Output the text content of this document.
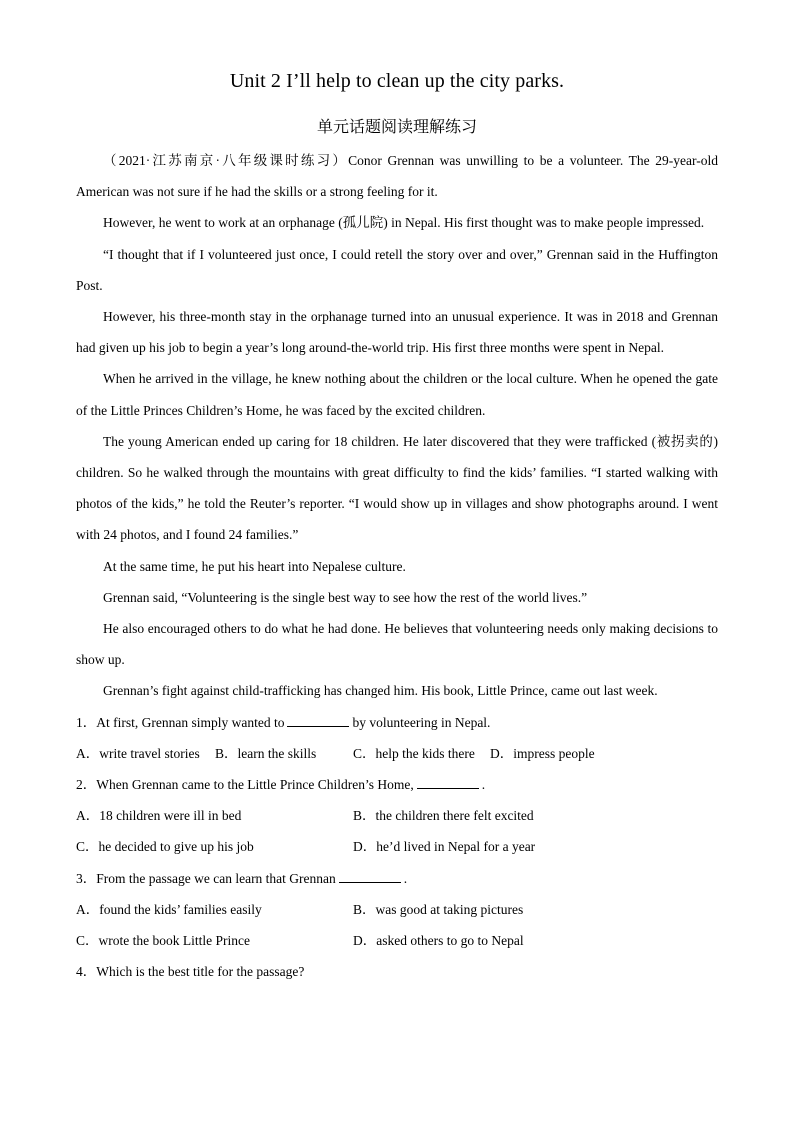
Unit 2 I’ll help to clean up the city parks.
单元话题阅读理解练习

（2021·江苏南京·八年级课时练习）Conor Grennan was unwilling to be a volunteer. The 29-year-old American was not sure if he had the skills or a strong feeling for it.

However, he went to work at an orphanage (孤儿院) in Nepal. His first thought was to make people impressed.

“I thought that if I volunteered just once, I could retell the story over and over,” Grennan said in the Huffington Post.

However, his three-month stay in the orphanage turned into an unusual experience. It was in 2018 and Grennan had given up his job to begin a year’s long around-the-world trip. His first three months were spent in Nepal.

When he arrived in the village, he knew nothing about the children or the local culture. When he opened the gate of the Little Princes Children’s Home, he was faced by the excited children.

The young American ended up caring for 18 children. He later discovered that they were trafficked (被拐卖的) children. So he walked through the mountains with great difficulty to find the kids’ families. “I started walking with photos of the kids,” he told the Reuter’s reporter. “I would show up in villages and show photographs around. I went with 24 photos, and I found 24 families.”

At the same time, he put his heart into Nepalese culture.

Grennan said, “Volunteering is the single best way to see how the rest of the world lives.”

He also encouraged others to do what he had done. He believes that volunteering needs only making decisions to show up.

Grennan’s fight against child-trafficking has changed him. His book, Little Prince, came out last week.

1．At first, Grennan simply wanted to	by volunteering in Nepal.

A．write travel stories	B．learn the skills	C．help the kids there	D．impress people

2．When Grennan came to the Little Prince Children’s Home,	.

A．18 children were ill in bed	B．the children there felt excited
C．he decided to give up his job	D．he’d lived in Nepal for a year

3．From the passage we can learn that Grennan	.

A．found the kids’ families easily	B．was good at taking pictures
C．wrote the book Little Prince	D．asked others to go to Nepal

4．Which is the best title for the passage?
